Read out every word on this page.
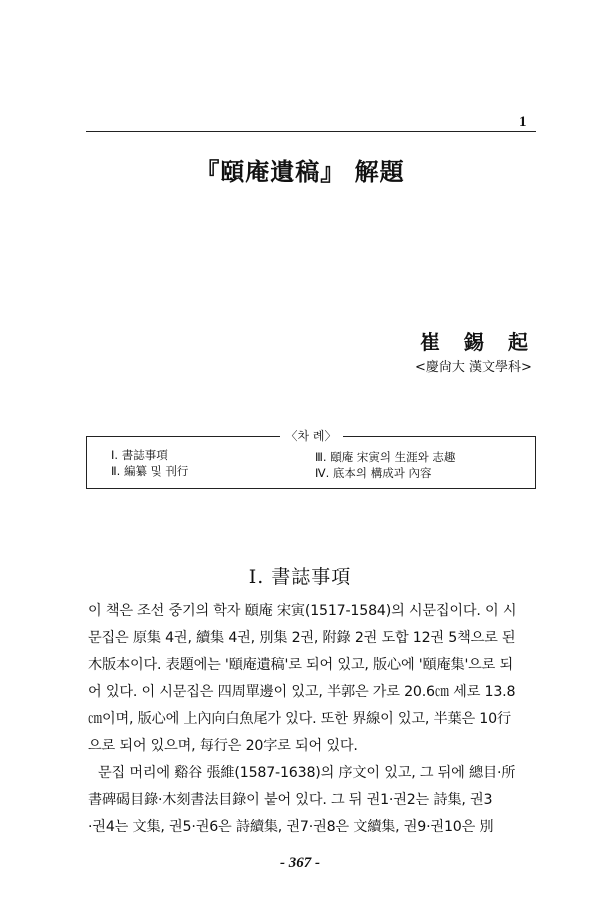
1
『頤庵遺稿』 解題
崔錫起
<慶尙大 漢文學科>
〈차 례〉
Ⅰ. 書誌事項
Ⅱ. 編纂 및 刊行
Ⅲ. 頤庵 宋寅의 生涯와 志趣
Ⅳ. 底本의 構成과 內容
Ⅰ. 書誌事項
이 책은 조선 중기의 학자 頤庵 宋寅(1517-1584)의 시문집이다. 이 시
문집은 原集 4권, 續集 4권, 別集 2권, 附錄 2권 도합 12권 5책으로 된
木版本이다. 表題에는 '頤庵遺稿'로 되어 있고, 版心에 '頤庵集'으로 되
어 있다. 이 시문집은 四周單邊이 있고, 半郭은 가로 20.6㎝ 세로 13.8
㎝이며, 版心에 上內向白魚尾가 있다. 또한 界線이 있고, 半葉은 10行
으로 되어 있으며, 每行은 20字로 되어 있다.
문집 머리에 谿谷 張維(1587-1638)의 序文이 있고, 그 뒤에 總目·所
書碑碣目錄·木刻書法目錄이 붙어 있다. 그 뒤 권1·권2는 詩集, 권3
·권4는 文集, 권5·권6은 詩續集, 권7·권8은 文續集, 권9·권10은 別
- 367 -
